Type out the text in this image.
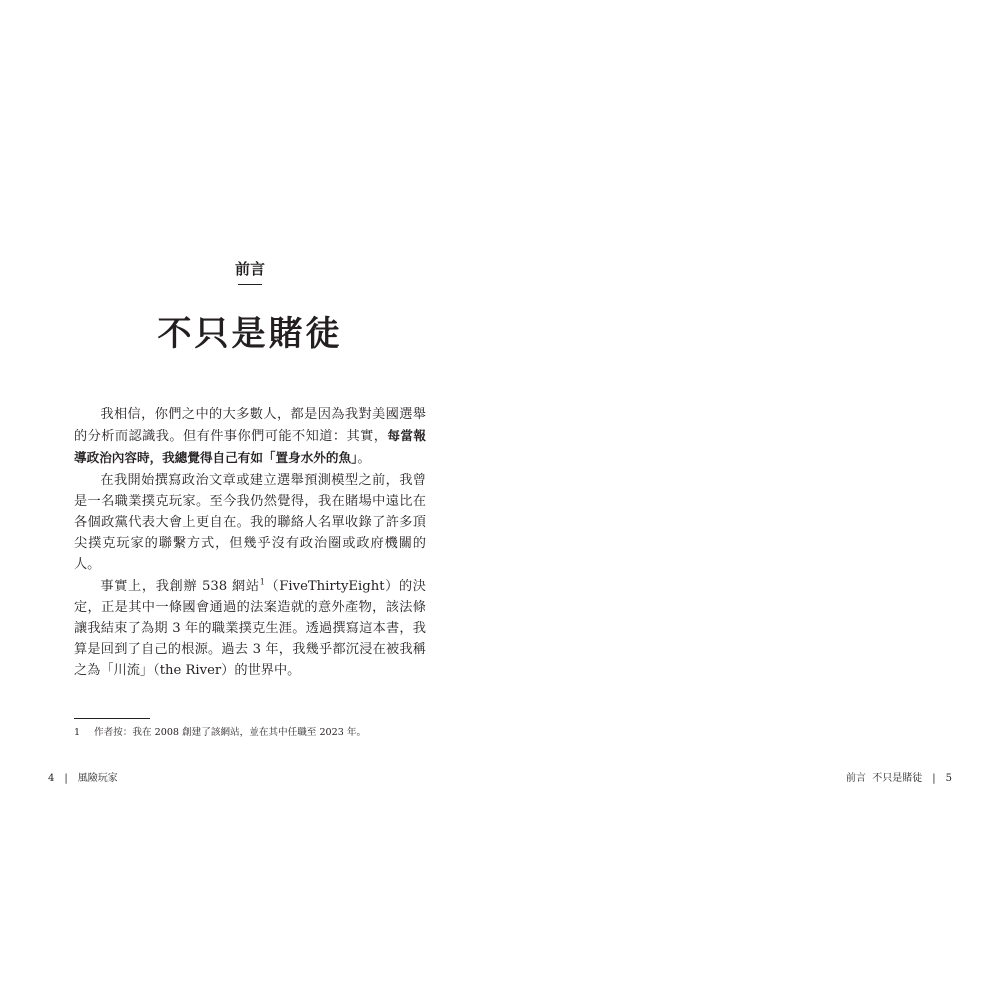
前言
不只是賭徒

我相信，你們之中的大多數人，都是因為我對美國選舉的分析而認識我。但有件事你們可能不知道：其實，每當報導政治內容時，我總覺得自己有如「置身水外的魚」。

在我開始撰寫政治文章或建立選舉預測模型之前，我曾是一名職業撲克玩家。至今我仍然覺得，我在賭場中遠比在各個政黨代表大會上更自在。我的聯絡人名單收錄了許多頂尖撲克玩家的聯繫方式，但幾乎沒有政治圈或政府機關的人。

事實上，我創辦 538 網站$^1$（FiveThirtyEight）的決定，正是其中一條國會通過的法案造就的意外產物，該法條讓我結束了為期 3 年的職業撲克生涯。透過撰寫這本書，我算是回到了自己的根源。過去 3 年，我幾乎都沉浸在被我稱之為「川流」（the River）的世界中。

1 作者按：我在 2008 創建了該網站，並在其中任職至 2023 年。
4 | 風險玩家	前言 不只是賭徒 | 5
